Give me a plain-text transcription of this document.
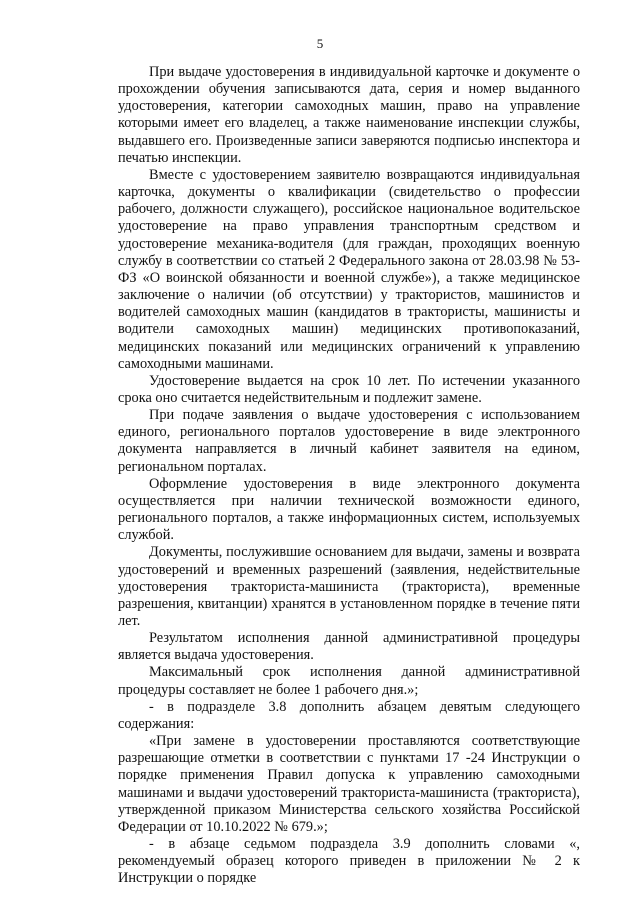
5

При выдаче удостоверения в индивидуальной карточке и документе о прохождении обучения записываются дата, серия и номер выданного удостоверения, категории самоходных машин, право на управление которыми имеет его владелец, а также наименование инспекции службы, выдавшего его. Произведенные записи заверяются подписью инспектора и печатью инспекции.

Вместе с удостоверением заявителю возвращаются индивидуальная карточка, документы о квалификации (свидетельство о профессии рабочего, должности служащего), российское национальное водительское удостоверение на право управления транспортным средством и удостоверение механика-водителя (для граждан, проходящих военную службу в соответствии со статьей 2 Федерального закона от 28.03.98 № 53-ФЗ «О воинской обязанности и военной службе»), а также медицинское заключение о наличии (об отсутствии) у трактористов, машинистов и водителей самоходных машин (кандидатов в трактористы, машинисты и водители самоходных машин) медицинских противопоказаний, медицинских показаний или медицинских ограничений к управлению самоходными машинами.

Удостоверение выдается на срок 10 лет. По истечении указанного срока оно считается недействительным и подлежит замене.

При подаче заявления о выдаче удостоверения с использованием единого, регионального порталов удостоверение в виде электронного документа направляется в личный кабинет заявителя на едином, региональном порталах.

Оформление удостоверения в виде электронного документа осуществляется при наличии технической возможности единого, регионального порталов, а также информационных систем, используемых службой.

Документы, послужившие основанием для выдачи, замены и возврата удостоверений и временных разрешений (заявления, недействительные удостоверения тракториста-машиниста (тракториста), временные разрешения, квитанции) хранятся в установленном порядке в течение пяти лет.

Результатом исполнения данной административной процедуры является выдача удостоверения.

Максимальный срок исполнения данной административной процедуры составляет не более 1 рабочего дня.»;

- в подразделе 3.8 дополнить абзацем девятым следующего содержания:

«При замене в удостоверении проставляются соответствующие разрешающие отметки в соответствии с пунктами 17 -24 Инструкции о порядке применения Правил допуска к управлению самоходными машинами и выдачи удостоверений тракториста-машиниста (тракториста), утвержденной приказом Министерства сельского хозяйства Российской Федерации от 10.10.2022 № 679.»;

- в абзаце седьмом подраздела 3.9 дополнить словами «, рекомендуемый образец которого приведен в приложении № 2 к Инструкции о порядке
